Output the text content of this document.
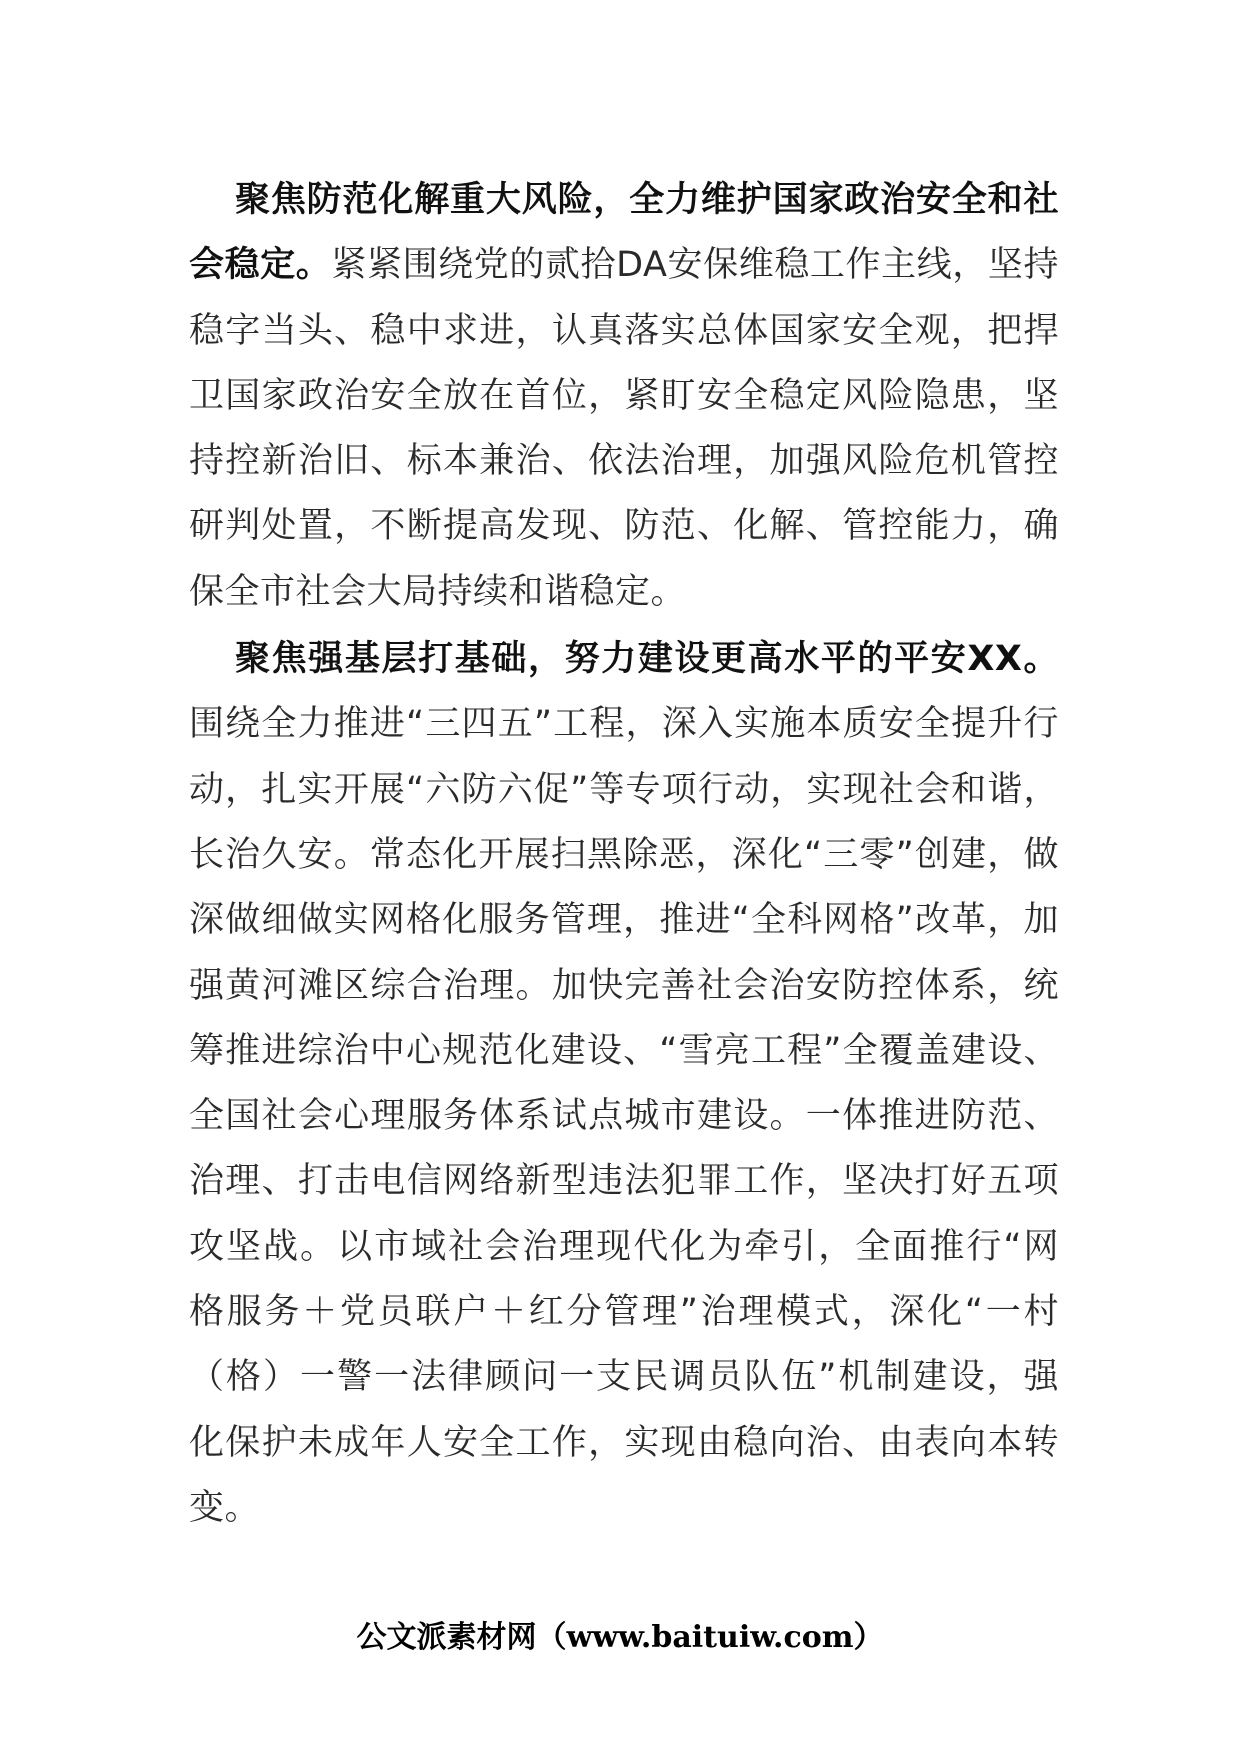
聚焦防范化解重大风险，全力维护国家政治安全和社会稳定。紧紧围绕党的贰拾DA安保维稳工作主线，坚持稳字当头、稳中求进，认真落实总体国家安全观，把捍卫国家政治安全放在首位，紧盯安全稳定风险隐患，坚持控新治旧、标本兼治、依法治理，加强风险危机管控研判处置，不断提高发现、防范、化解、管控能力，确保全市社会大局持续和谐稳定。

聚焦强基层打基础，努力建设更高水平的平安XX。围绕全力推进“三四五”工程，深入实施本质安全提升行动，扎实开展“六防六促”等专项行动，实现社会和谐，长治久安。常态化开展扫黑除恶，深化“三零”创建，做深做细做实网格化服务管理，推进“全科网格”改革，加强黄河滩区综合治理。加快完善社会治安防控体系，统筹推进综治中心规范化建设、“雪亮工程”全覆盖建设、全国社会心理服务体系试点城市建设。一体推进防范、治理、打击电信网络新型违法犯罪工作，坚决打好五项攻坚战。以市域社会治理现代化为牵引，全面推行“网格服务＋党员联户＋红分管理”治理模式，深化“一村（格）一警一法律顾问一支民调员队伍”机制建设，强化保护未成年人安全工作，实现由稳向治、由表向本转变。

公文派素材网（www.baituiw.com）
